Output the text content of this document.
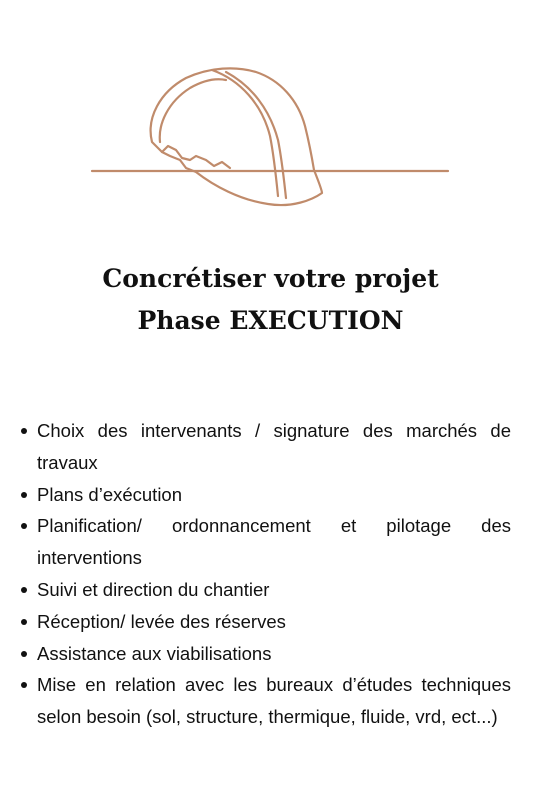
Concrétiser votre projet

Phase EXECUTION

Choix des intervenants / signature des marchés de travaux
Plans d’exécution
Planification/ ordonnancement et pilotage des interventions
Suivi et direction du chantier
Réception/ levée des réserves
Assistance aux viabilisations
Mise en relation avec les bureaux d’études techniques selon besoin (sol, structure, thermique, fluide, vrd, ect...)
